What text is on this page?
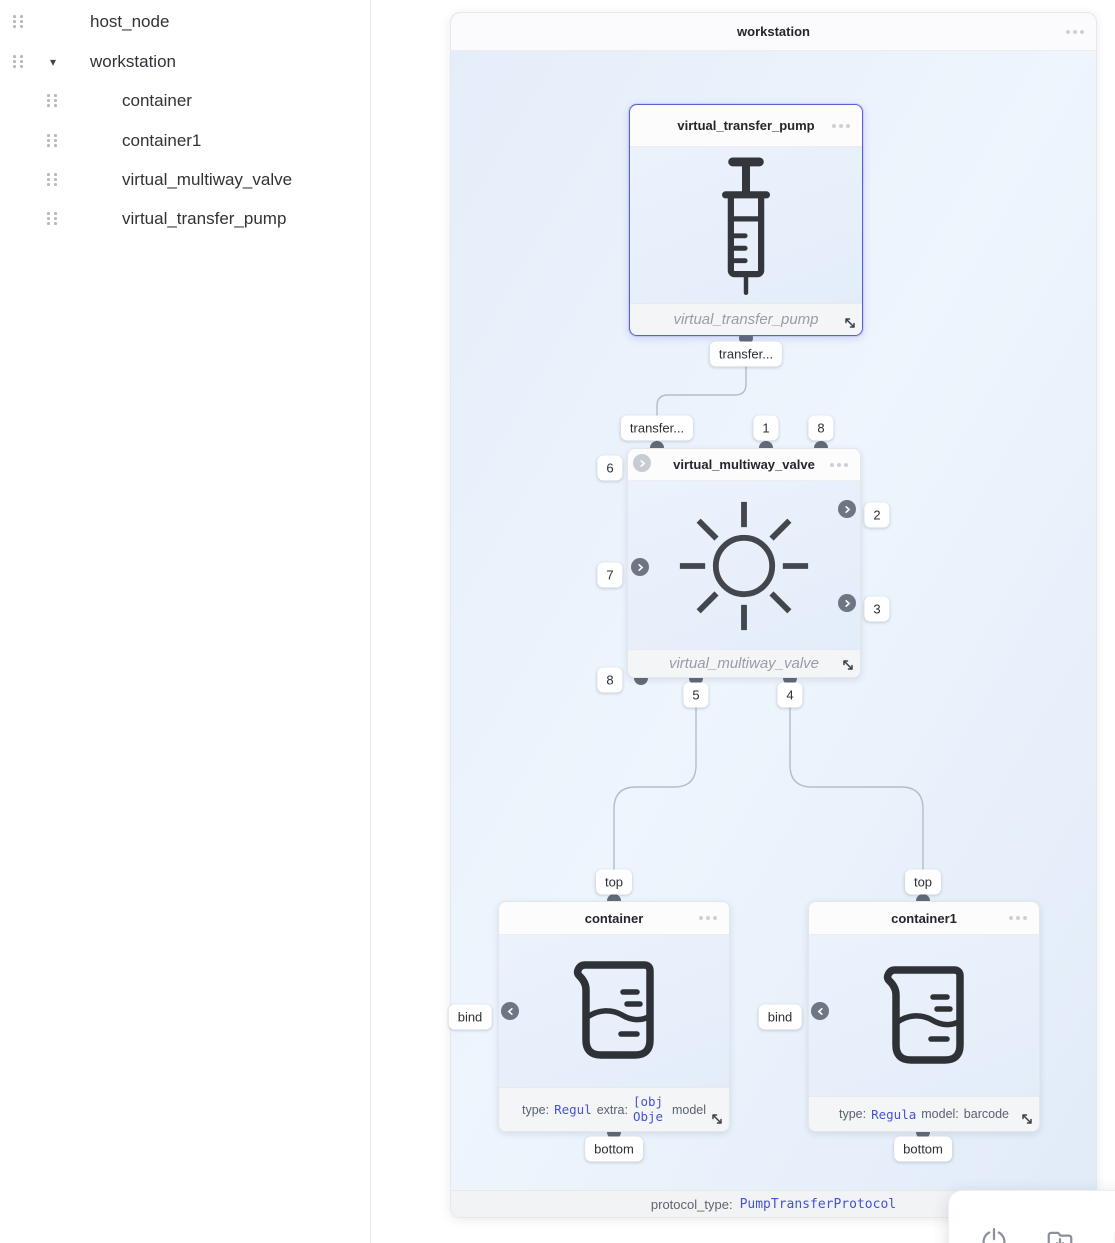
host_node
▾ workstation
container
container1
virtual_multiway_valve
virtual_transfer_pump
workstation
virtual_transfer_pump
virtual_transfer_pump
transfer...
virtual_multiway_valve
virtual_multiway_valve
transfer...	1	8
6
7
8
2
3
5	4
container
type: Regul extra:
[obj Obje model
top
bind
bottom
container1
type: Regula model: barcode
top
bind
bottom
protocol_type: PumpTransferProtocol
